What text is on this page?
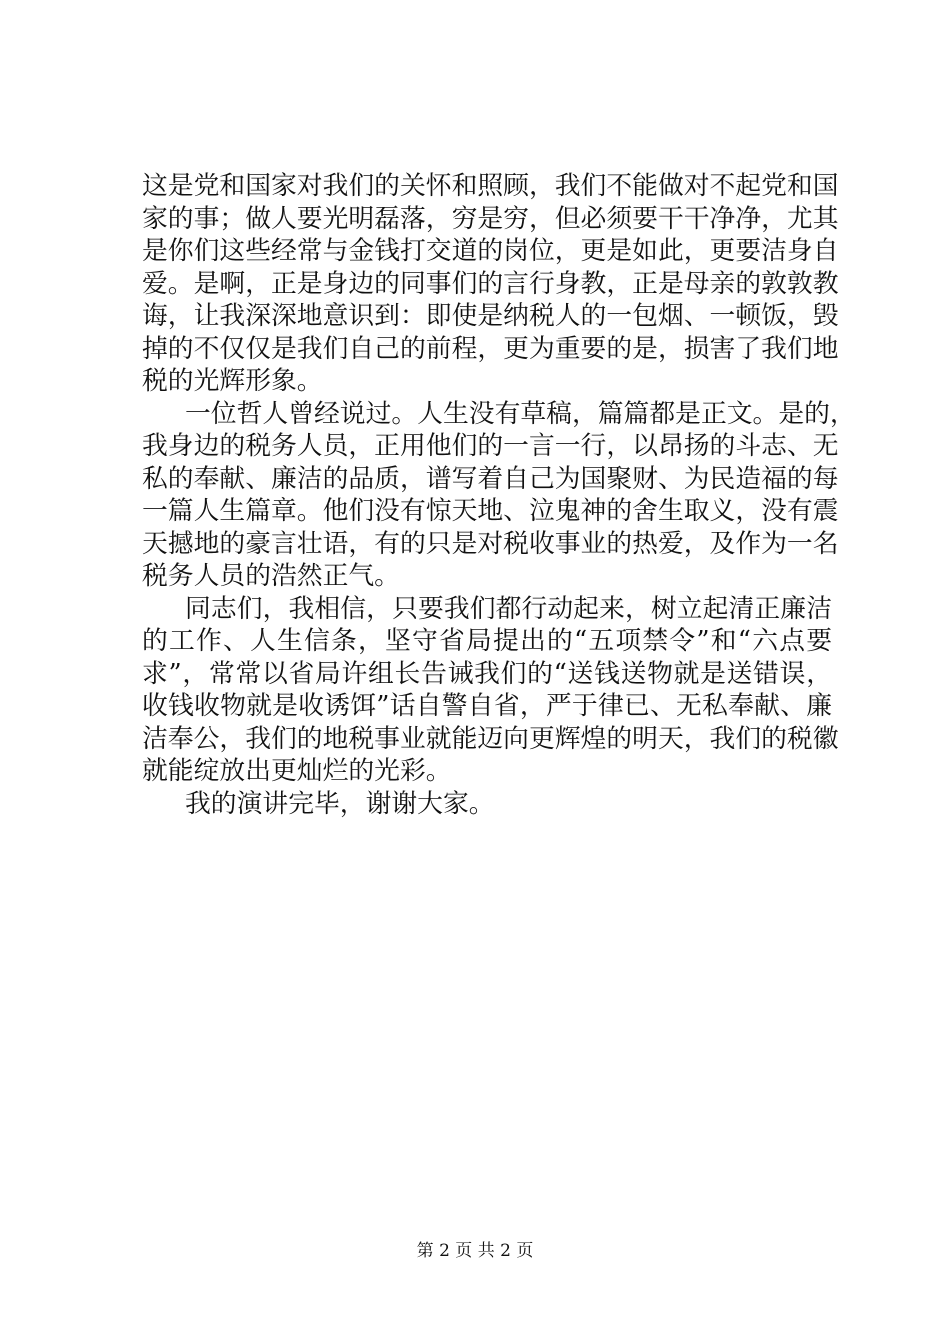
这是党和国家对我们的关怀和照顾，我们不能做对不起党和国
家的事；做人要光明磊落，穷是穷，但必须要干干净净，尤其
是你们这些经常与金钱打交道的岗位，更是如此，更要洁身自
爱。是啊，正是身边的同事们的言行身教，正是母亲的敦敦教
诲，让我深深地意识到：即使是纳税人的一包烟、一顿饭，毁
掉的不仅仅是我们自己的前程，更为重要的是，损害了我们地
税的光辉形象。
一位哲人曾经说过。人生没有草稿，篇篇都是正文。是的，
我身边的税务人员，正用他们的一言一行，以昂扬的斗志、无
私的奉献、廉洁的品质，谱写着自己为国聚财、为民造福的每
一篇人生篇章。他们没有惊天地、泣鬼神的舍生取义，没有震
天撼地的豪言壮语，有的只是对税收事业的热爱，及作为一名
税务人员的浩然正气。
同志们，我相信，只要我们都行动起来，树立起清正廉洁
的工作、人生信条，坚守省局提出的“五项禁令”和“六点要
求”，常常以省局许组长告诫我们的“送钱送物就是送错误，
收钱收物就是收诱饵”话自警自省，严于律已、无私奉献、廉
洁奉公，我们的地税事业就能迈向更辉煌的明天，我们的税徽
就能绽放出更灿烂的光彩。
我的演讲完毕，谢谢大家。
第 2 页 共 2 页
